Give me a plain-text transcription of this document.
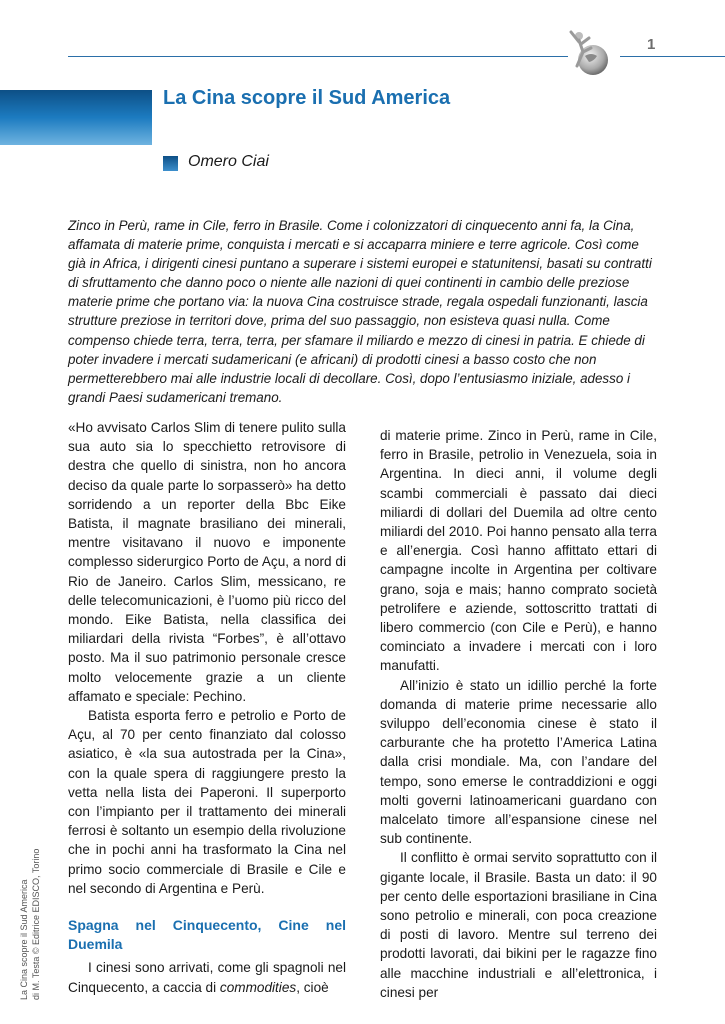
1
La Cina scopre il Sud America
Omero Ciai

Zinco in Perù, rame in Cile, ferro in Brasile. Come i colonizzatori di cinquecento anni fa, la Cina, affamata di materie prime, conquista i mercati e si accaparra miniere e terre agricole. Così come già in Africa, i dirigenti cinesi puntano a superare i sistemi europei e statunitensi, basati su contratti di sfruttamento che danno poco o niente alle nazioni di quei continenti in cambio delle preziose materie prime che portano via: la nuova Cina costruisce strade, regala ospedali funzionanti, lascia strutture preziose in territori dove, prima del suo passaggio, non esisteva quasi nulla. Come compenso chiede terra, terra, terra, per sfamare il miliardo e mezzo di cinesi in patria. E chiede di poter invadere i mercati sudamericani (e africani) di prodotti cinesi a basso costo che non permetterebbero mai alle industrie locali di decollare. Così, dopo l’entusiasmo iniziale, adesso i grandi Paesi sudamericani tremano.

«Ho avvisato Carlos Slim di tenere pulito sulla sua auto sia lo specchietto retrovisore di destra che quello di sinistra, non ho ancora deciso da quale parte lo sorpasserò» ha detto sorridendo a un reporter della Bbc Eike Batista, il magnate brasiliano dei minerali, mentre visitavano il nuovo e imponente complesso siderurgico Porto de Açu, a nord di Rio de Janeiro. Carlos Slim, messicano, re delle telecomunicazioni, è l’uomo più ricco del mondo. Eike Batista, nella classifica dei miliardari della rivista “Forbes”, è all’ottavo posto. Ma il suo patrimonio personale cresce molto velocemente grazie a un cliente affamato e speciale: Pechino.

Batista esporta ferro e petrolio e Porto de Açu, al 70 per cento finanziato dal colosso asiatico, è «la sua autostrada per la Cina», con la quale spera di raggiungere presto la vetta nella lista dei Paperoni. Il superporto con l’impianto per il trattamento dei minerali ferrosi è soltanto un esempio della rivoluzione che in pochi anni ha trasformato la Cina nel primo socio commerciale di Brasile e Cile e nel secondo di Argentina e Perù.

Spagna nel Cinquecento, Cine nel Duemila

I cinesi sono arrivati, come gli spagnoli nel Cinquecento, a caccia di commodities, cioè

di materie prime. Zinco in Perù, rame in Cile, ferro in Brasile, petrolio in Venezuela, soia in Argentina. In dieci anni, il volume degli scambi commerciali è passato dai dieci miliardi di dollari del Duemila ad oltre cento miliardi del 2010. Poi hanno pensato alla terra e all’energia. Così hanno affittato ettari di campagne incolte in Argentina per coltivare grano, soja e mais; hanno comprato società petrolifere e aziende, sottoscritto trattati di libero commercio (con Cile e Perù), e hanno cominciato a invadere i mercati con i loro manufatti.

All’inizio è stato un idillio perché la forte domanda di materie prime necessarie allo sviluppo dell’economia cinese è stato il carburante che ha protetto l’America Latina dalla crisi mondiale. Ma, con l’andare del tempo, sono emerse le contraddizioni e oggi molti governi latinoamericani guardano con malcelato timore all’espansione cinese nel sub continente.

Il conflitto è ormai servito soprattutto con il gigante locale, il Brasile. Basta un dato: il 90 per cento delle esportazioni brasiliane in Cina sono petrolio e minerali, con poca creazione di posti di lavoro. Mentre sul terreno dei prodotti lavorati, dai bikini per le ragazze fino alle macchine industriali e all’elettronica, i cinesi per

La Cina scopre il Sud America di M. Testa © Editrice EDISCO, Torino
